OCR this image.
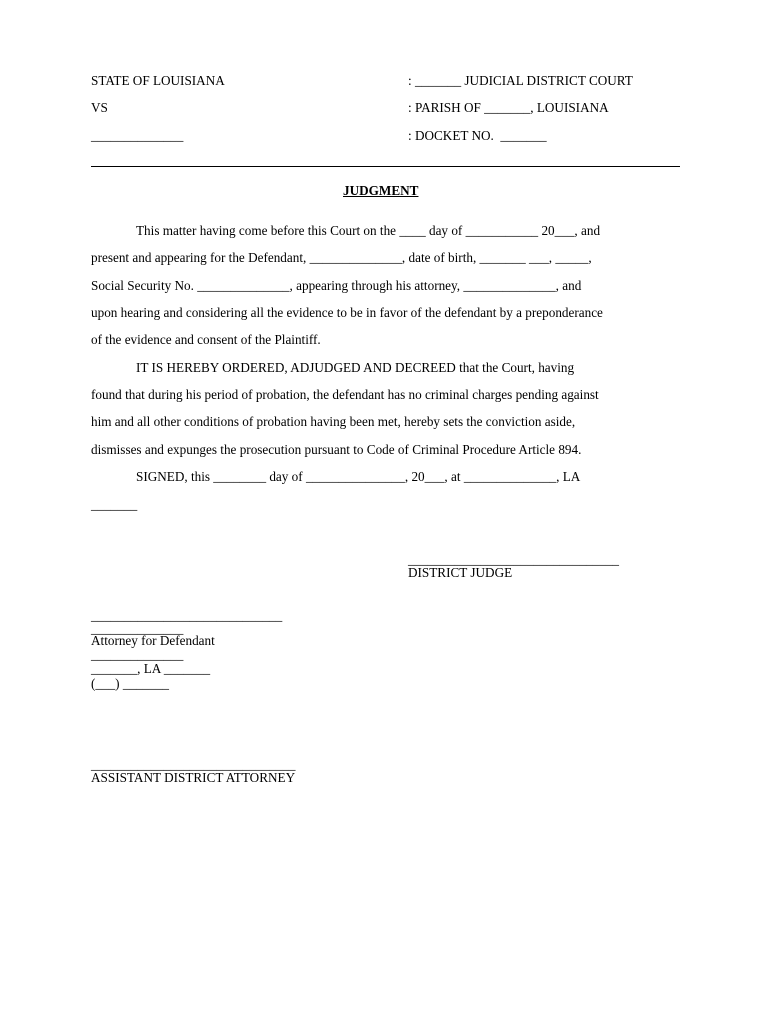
STATE OF LOUISIANA
VS
______________
: _______ JUDICIAL DISTRICT COURT
: PARISH OF _______, LOUISIANA
: DOCKET NO.  _______
JUDGMENT
This matter having come before this Court on the ____ day of ___________ 20___, and
present and appearing for the Defendant, ______________, date of birth, _______ ___, _____,
Social Security No. ______________, appearing through his attorney, ______________, and
upon hearing and considering all the evidence to be in favor of the defendant by a preponderance
of the evidence and consent of the Plaintiff.
IT IS HEREBY ORDERED, ADJUDGED AND DECREED that the Court, having
found that during his period of probation, the defendant has no criminal charges pending against
him and all other conditions of probation having been met, hereby sets the conviction aside,
dismisses and expunges the prosecution pursuant to Code of Criminal Procedure Article 894.
SIGNED, this ________ day of _______________, 20___, at ______________, LA
_______
________________________________
DISTRICT JUDGE
_____________________________
______________
Attorney for Defendant
______________
_______, LA _______
(___) _______
_______________________________
ASSISTANT DISTRICT ATTORNEY
